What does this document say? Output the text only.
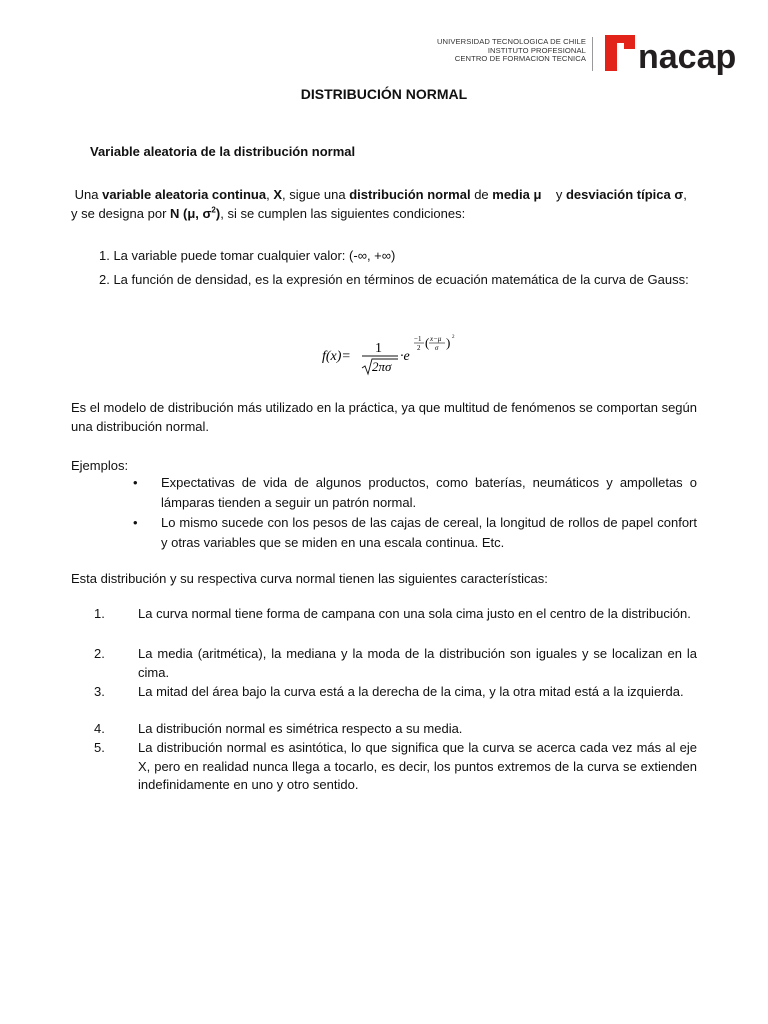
UNIVERSIDAD TECNOLOGICA DE CHILE
INSTITUTO PROFESIONAL
CENTRO DE FORMACION TECNICA nacap
DISTRIBUCIÓN NORMAL
Variable aleatoria de la distribución normal
Una variable aleatoria continua, X, sigue una distribución normal de media μ    y desviación típica σ,
y se designa por N (μ, $\sigma^2$), si se cumplen las siguientes condiciones:
1. La variable puede tomar cualquier valor: (-∞, +∞)
2. La función de densidad, es la expresión en términos de ecuación matemática de la curva de Gauss:
f(x)=
1
2πσ
·e
−1
2 ( x−μ
σ ) 2
Es el modelo de distribución más utilizado en la práctica, ya que multitud de fenómenos se comportan según una distribución normal.
Ejemplos:
•	Expectativas de vida de algunos productos, como baterías, neumáticos y ampolletas o lámparas tienden a seguir un patrón normal.
•	Lo mismo sucede con los pesos de las cajas de cereal, la longitud de rollos de papel confort y otras variables que se miden en una escala continua. Etc.
Esta distribución y su respectiva curva normal tienen las siguientes características:
1.	La curva normal tiene forma de campana con una sola cima justo en el centro de la distribución.
2.	La media (aritmética), la mediana y la moda de la distribución son iguales y se localizan en la cima.
3.	La mitad del área bajo la curva está a la derecha de la cima, y la otra mitad está a la izquierda.
4.	La distribución normal es simétrica respecto a su media.
5.	La distribución normal es asintótica, lo que significa que la curva se acerca cada vez más al eje X, pero en realidad nunca llega a tocarlo, es decir, los puntos extremos de la curva se extienden indefinidamente en uno y otro sentido.
